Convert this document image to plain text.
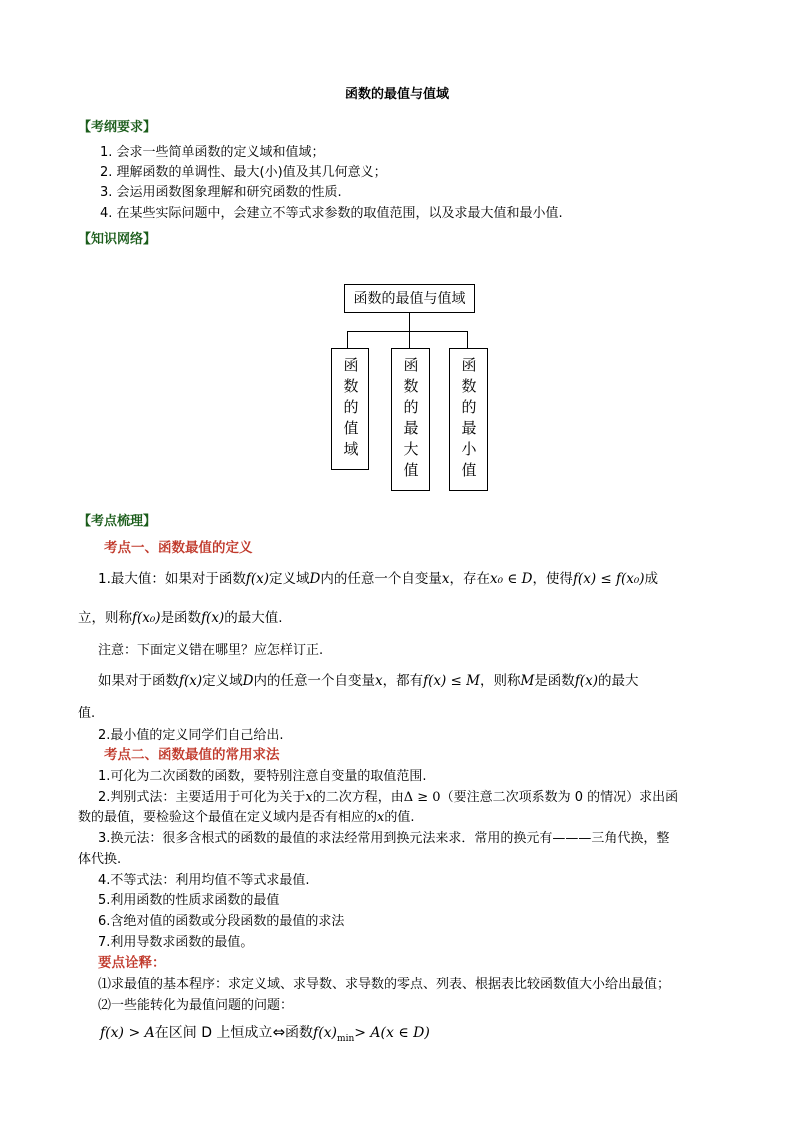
函数的最值与值域
【考纲要求】
1. 会求一些简单函数的定义域和值域；
2. 理解函数的单调性、最大(小)值及其几何意义；
3. 会运用函数图象理解和研究函数的性质.
4. 在某些实际问题中，会建立不等式求参数的取值范围，以及求最大值和最小值.
【知识网络】
函数的最值与值域
函数的值域
函数的最大值
函数的最小值
【考点梳理】
考点一、函数最值的定义
1.最大值：如果对于函数f(x)定义域D内的任意一个自变量x，存在x₀ ∈ D，使得f(x) ≤ f(x₀)成
立，则称f(x₀)是函数f(x)的最大值.
注意：下面定义错在哪里？应怎样订正.
如果对于函数f(x)定义域D内的任意一个自变量x，都有f(x) ≤ M，则称M是函数f(x)的最大
值.
2.最小值的定义同学们自己给出.
考点二、函数最值的常用求法
1.可化为二次函数的函数，要特别注意自变量的取值范围.
2.判别式法：主要适用于可化为关于x的二次方程，由Δ ≥ 0（要注意二次项系数为 0 的情况）求出函
数的最值，要检验这个最值在定义域内是否有相应的x的值.
3.换元法：很多含根式的函数的最值的求法经常用到换元法来求．常用的换元有———三角代换，整
体代换.
4.不等式法：利用均值不等式求最值.
5.利用函数的性质求函数的最值
6.含绝对值的函数或分段函数的最值的求法
7.利用导数求函数的最值。
要点诠释：
⑴求最值的基本程序：求定义域、求导数、求导数的零点、列表、根据表比较函数值大小给出最值；
⑵一些能转化为最值问题的问题：
f(x) > A在区间 D 上恒成立⇔函数$f(x)_{min}> A(x$ ∈ D)
